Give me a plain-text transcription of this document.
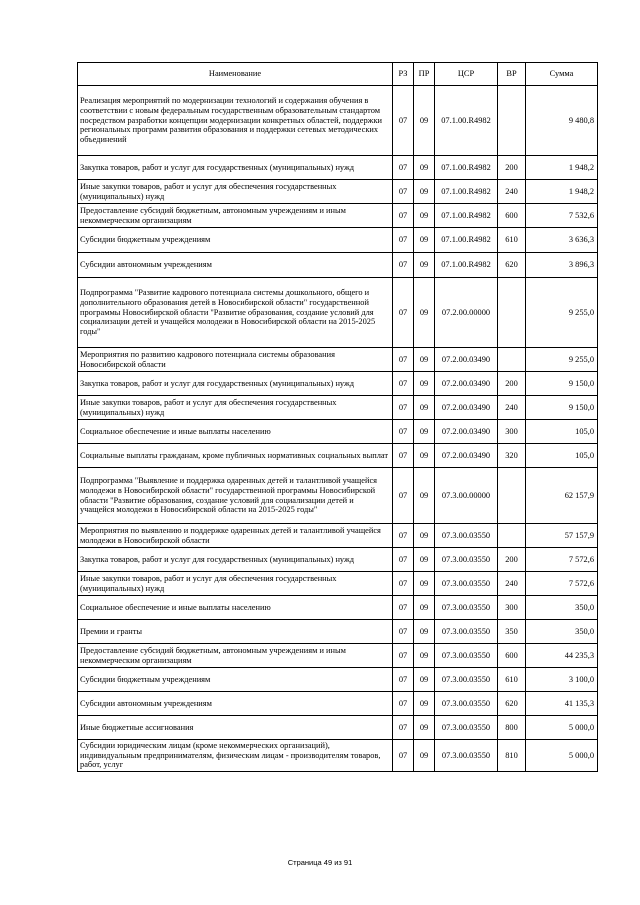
Наименование	РЗ	ПР	ЦСР	ВР	Сумма
Реализация мероприятий по модернизации технологий и содержания обучения в соответствии с новым федеральным государственным образовательным стандартом посредством разработки концепции модернизации конкретных областей, поддержки региональных программ развития образования и поддержки сетевых методических объединений	07	09	07.1.00.R4982		9 480,8
Закупка товаров, работ и услуг для государственных (муниципальных) нужд	07	09	07.1.00.R4982	200	1 948,2
Иные закупки товаров, работ и услуг для обеспечения государственных (муниципальных) нужд	07	09	07.1.00.R4982	240	1 948,2
Предоставление субсидий бюджетным, автономным учреждениям и иным некоммерческим организациям	07	09	07.1.00.R4982	600	7 532,6
Субсидии бюджетным учреждениям	07	09	07.1.00.R4982	610	3 636,3
Субсидии автономным учреждениям	07	09	07.1.00.R4982	620	3 896,3
Подпрограмма "Развитие кадрового потенциала системы дошкольного, общего и дополнительного образования детей в Новосибирской области" государственной программы Новосибирской области "Развитие образования, создание условий для социализации детей и учащейся молодежи в Новосибирской области на 2015-2025 годы"	07	09	07.2.00.00000		9 255,0
Мероприятия по развитию кадрового потенциала системы образования Новосибирской области	07	09	07.2.00.03490		9 255,0
Закупка товаров, работ и услуг для государственных (муниципальных) нужд	07	09	07.2.00.03490	200	9 150,0
Иные закупки товаров, работ и услуг для обеспечения государственных (муниципальных) нужд	07	09	07.2.00.03490	240	9 150,0
Социальное обеспечение и иные выплаты населению	07	09	07.2.00.03490	300	105,0
Социальные выплаты гражданам, кроме публичных нормативных социальных выплат	07	09	07.2.00.03490	320	105,0
Подпрограмма "Выявление и поддержка одаренных детей и талантливой учащейся молодежи в Новосибирской области" государственной программы Новосибирской области "Развитие образования, создание условий для социализации детей и учащейся молодежи в Новосибирской области на 2015-2025 годы"	07	09	07.3.00.00000		62 157,9
Мероприятия по выявлению и поддержке одаренных детей и талантливой учащейся молодежи в Новосибирской области	07	09	07.3.00.03550		57 157,9
Закупка товаров, работ и услуг для государственных (муниципальных) нужд	07	09	07.3.00.03550	200	7 572,6
Иные закупки товаров, работ и услуг для обеспечения государственных (муниципальных) нужд	07	09	07.3.00.03550	240	7 572,6
Социальное обеспечение и иные выплаты населению	07	09	07.3.00.03550	300	350,0
Премии и гранты	07	09	07.3.00.03550	350	350,0
Предоставление субсидий бюджетным, автономным учреждениям и иным некоммерческим организациям	07	09	07.3.00.03550	600	44 235,3
Субсидии бюджетным учреждениям	07	09	07.3.00.03550	610	3 100,0
Субсидии автономным учреждениям	07	09	07.3.00.03550	620	41 135,3
Иные бюджетные ассигнования	07	09	07.3.00.03550	800	5 000,0
Субсидии юридическим лицам (кроме некоммерческих организаций), индивидуальным предпринимателям, физическим лицам - производителям товаров, работ, услуг	07	09	07.3.00.03550	810	5 000,0
Страница 49 из 91
